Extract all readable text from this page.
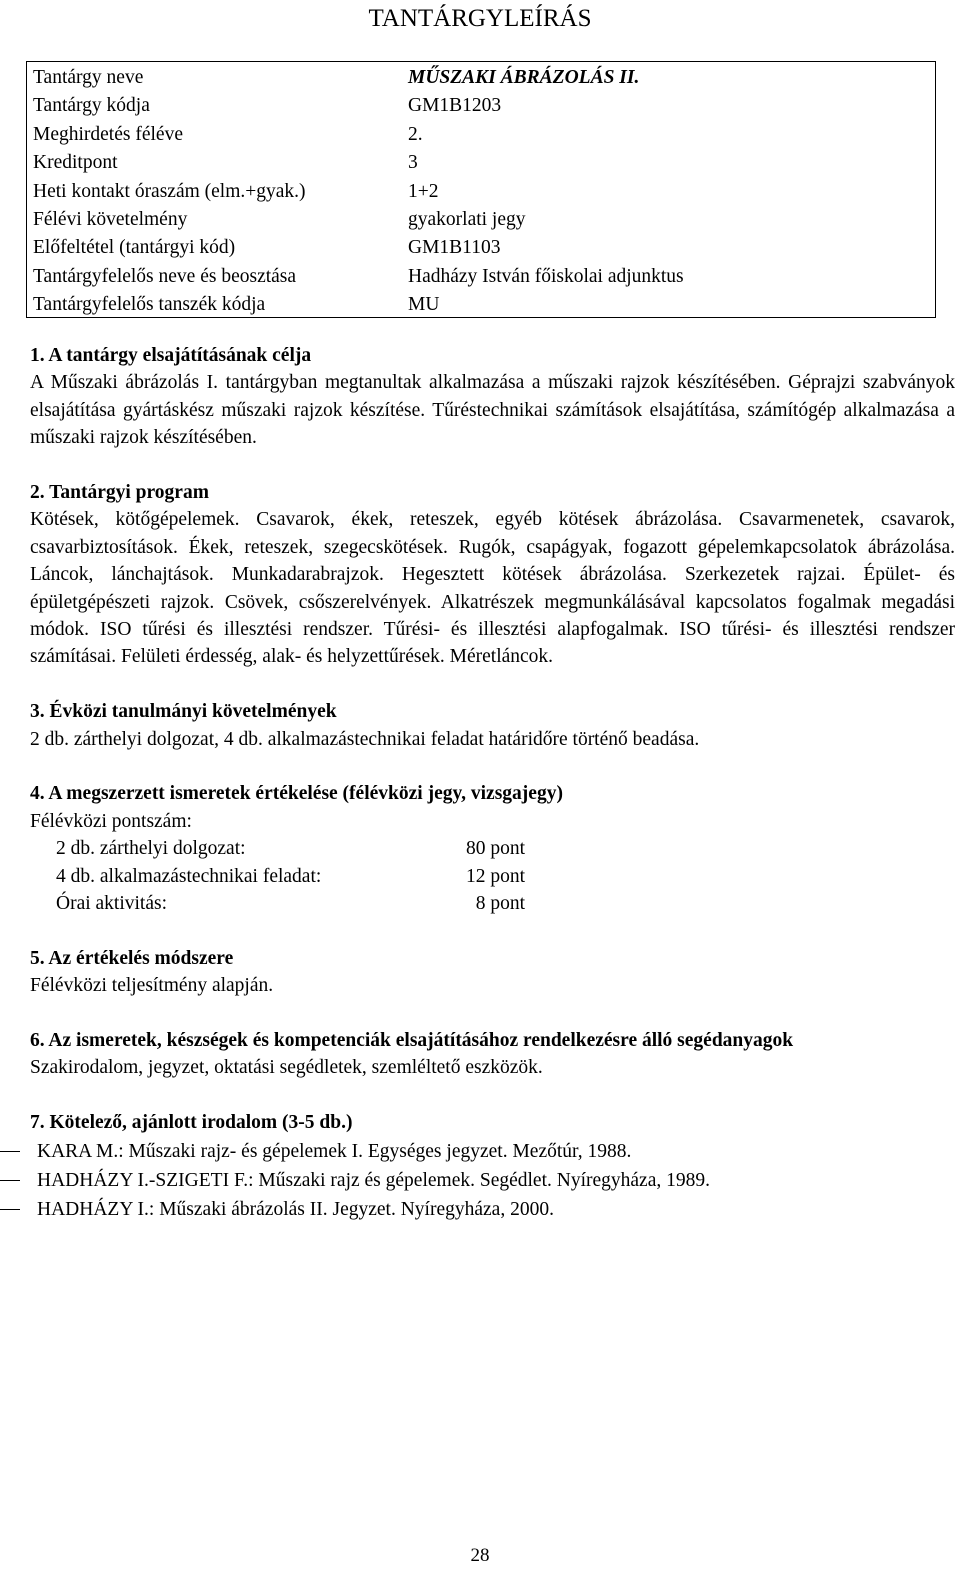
TANTÁRGYLEÍRÁS
Tantárgy neve	MŰSZAKI ÁBRÁZOLÁS II.
Tantárgy kódja	GM1B1203
Meghirdetés féléve	2.
Kreditpont	3
Heti kontakt óraszám (elm.+gyak.)	1+2
Félévi követelmény	gyakorlati jegy
Előfeltétel (tantárgyi kód)	GM1B1103
Tantárgyfelelős neve és beosztása	Hadházy István főiskolai adjunktus
Tantárgyfelelős tanszék kódja	MU

1. A tantárgy elsajátításának célja

A Műszaki ábrázolás I. tantárgyban megtanultak alkalmazása a műszaki rajzok készítésében. Géprajzi szabványok elsajátítása gyártáskész műszaki rajzok készítése. Tűréstechnikai számítások elsajátítása, számítógép alkalmazása a műszaki rajzok készítésében.

2. Tantárgyi program

Kötések, kötőgépelemek. Csavarok, ékek, reteszek, egyéb kötések ábrázolása. Csavarmenetek, csavarok, csavarbiztosítások. Ékek, reteszek, szegecskötések. Rugók, csapágyak, fogazott gépelemkapcsolatok ábrázolása. Láncok, lánchajtások. Munkadarabrajzok. Hegesztett kötések ábrázolása. Szerkezetek rajzai. Épület- és épületgépészeti rajzok. Csövek, csőszerelvények. Alkatrészek megmunkálásával kapcsolatos fogalmak megadási módok. ISO tűrési és illesztési rendszer. Tűrési- és illesztési alapfogalmak. ISO tűrési- és illesztési rendszer számításai. Felületi érdesség, alak- és helyzettűrések. Méretláncok.

3. Évközi tanulmányi követelmények

2 db. zárthelyi dolgozat, 4 db. alkalmazástechnikai feladat határidőre történő beadása.

4. A megszerzett ismeretek értékelése (félévközi jegy, vizsgajegy)

Félévközi pontszám:

2 db. zárthelyi dolgozat:	80 pont
4 db. alkalmazástechnikai feladat:	12 pont
Órai aktivitás:	8 pont

5. Az értékelés módszere

Félévközi teljesítmény alapján.

6. Az ismeretek, készségek és kompetenciák elsajátításához rendelkezésre álló segédanyagok

Szakirodalom, jegyzet, oktatási segédletek, szemléltető eszközök.

7. Kötelező, ajánlott irodalom (3-5 db.)

KARA M.: Műszaki rajz- és gépelemek I. Egységes jegyzet. Mezőtúr, 1988.
HADHÁZY I.-SZIGETI F.: Műszaki rajz és gépelemek. Segédlet. Nyíregyháza, 1989.
HADHÁZY I.: Műszaki ábrázolás II. Jegyzet. Nyíregyháza, 2000.
28
